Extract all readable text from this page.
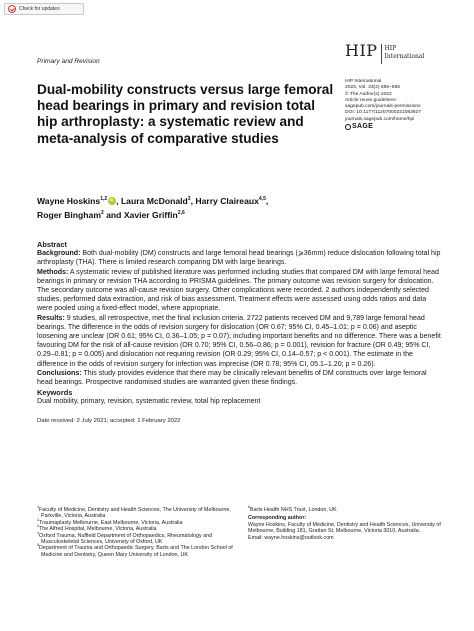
Check for updates
Primary and Revision
HIP HIP
International
HIP International
2023, Vol. 33(4) 685–696
© The Author(s) 2022
Article reuse guidelines:
sagepub.com/journals-permissions
DOI: 10.1177/11207000221082927
journals.sagepub.com/home/hpi
SAGE
Dual-mobility constructs versus large femoral head bearings in primary and revision total hip arthroplasty: a systematic review and meta-analysis of comparative studies
Wayne Hoskins$^{1,2}$iD , Laura McDonald$^3$, Harry Claireaux$^{4,5}$,
Roger Bingham$^2$ and Xavier Griffin$^{2,6}$
Abstract

Background: Both dual-mobility (DM) constructs and large femoral head bearings (⩾36mm) reduce dislocation following total hip arthroplasty (THA). There is limited research comparing DM with large bearings.

Methods: A systematic review of published literature was performed including studies that compared DM with large femoral head bearings in primary or revision THA according to PRISMA guidelines. The primary outcome was revision surgery for dislocation. The secondary outcome was all-cause revision surgery. Other complications were recorded. 2 authors independently selected studies, performed data extraction, and risk of bias assessment. Treatment effects were assessed using odds ratios and data were pooled using a fixed-effect model, where appropriate.

Results: 9 studies, all retrospective, met the final inclusion criteria. 2722 patients received DM and 9,789 large femoral head bearings. The difference in the odds of revision surgery for dislocation (OR 0.67; 95% CI, 0.45–1.01; p = 0.06) and aseptic loosening are unclear (OR 0.61; 95% CI, 0.36–1.05; p = 0.07); including important benefits and no difference. There was a benefit favouring DM for the risk of all-cause revision (OR 0.70; 95% CI, 0.56–0.86; p = 0.001), revision for fracture (OR 0.49; 95% CI, 0.29–0.81; p = 0.005) and dislocation not requiring revision (OR 0.29; 95% CI, 0.14–0.57; p < 0.001). The estimate in the difference in the odds of revision surgery for infection was imprecise (OR 0.78; 95% CI, 05.1–1.20; p = 0.26).

Conclusions: This study provides evidence that there may be clinically relevant benefits of DM constructs over large femoral head bearings. Prospective randomised studies are warranted given these findings.

Keywords
Dual mobility, primary, revision, systematic review, total hip replacement
Date received: 2 July 2021; accepted: 1 February 2022
$^1$Faculty of Medicine, Dentistry and Health Sciences, The University of Melbourne, Parkville, Victoria, Australia
$^2$Traumaplasty Melbourne, East Melbourne, Victoria, Australia
$^3$The Alfred Hospital, Melbourne, Victoria, Australia
$^4$Oxford Trauma, Nuffield Department of Orthopaedics, Rheumatology and Musculoskeletal Sciences, University of Oxford, UK
$^5$Department of Trauma and Orthopaedic Surgery, Barts and The London School of Medicine and Dentistry, Queen Mary University of London, UK
$^6$Barts Health NHS Trust, London, UK
Corresponding author:
Wayne Hoskins, Faculty of Medicine, Dentistry and Health Sciences, University of Melbourne, Building 181, Grattan St, Melbourne, Victoria 3010, Australia.
Email: wayne.hoskins@outlook.com
